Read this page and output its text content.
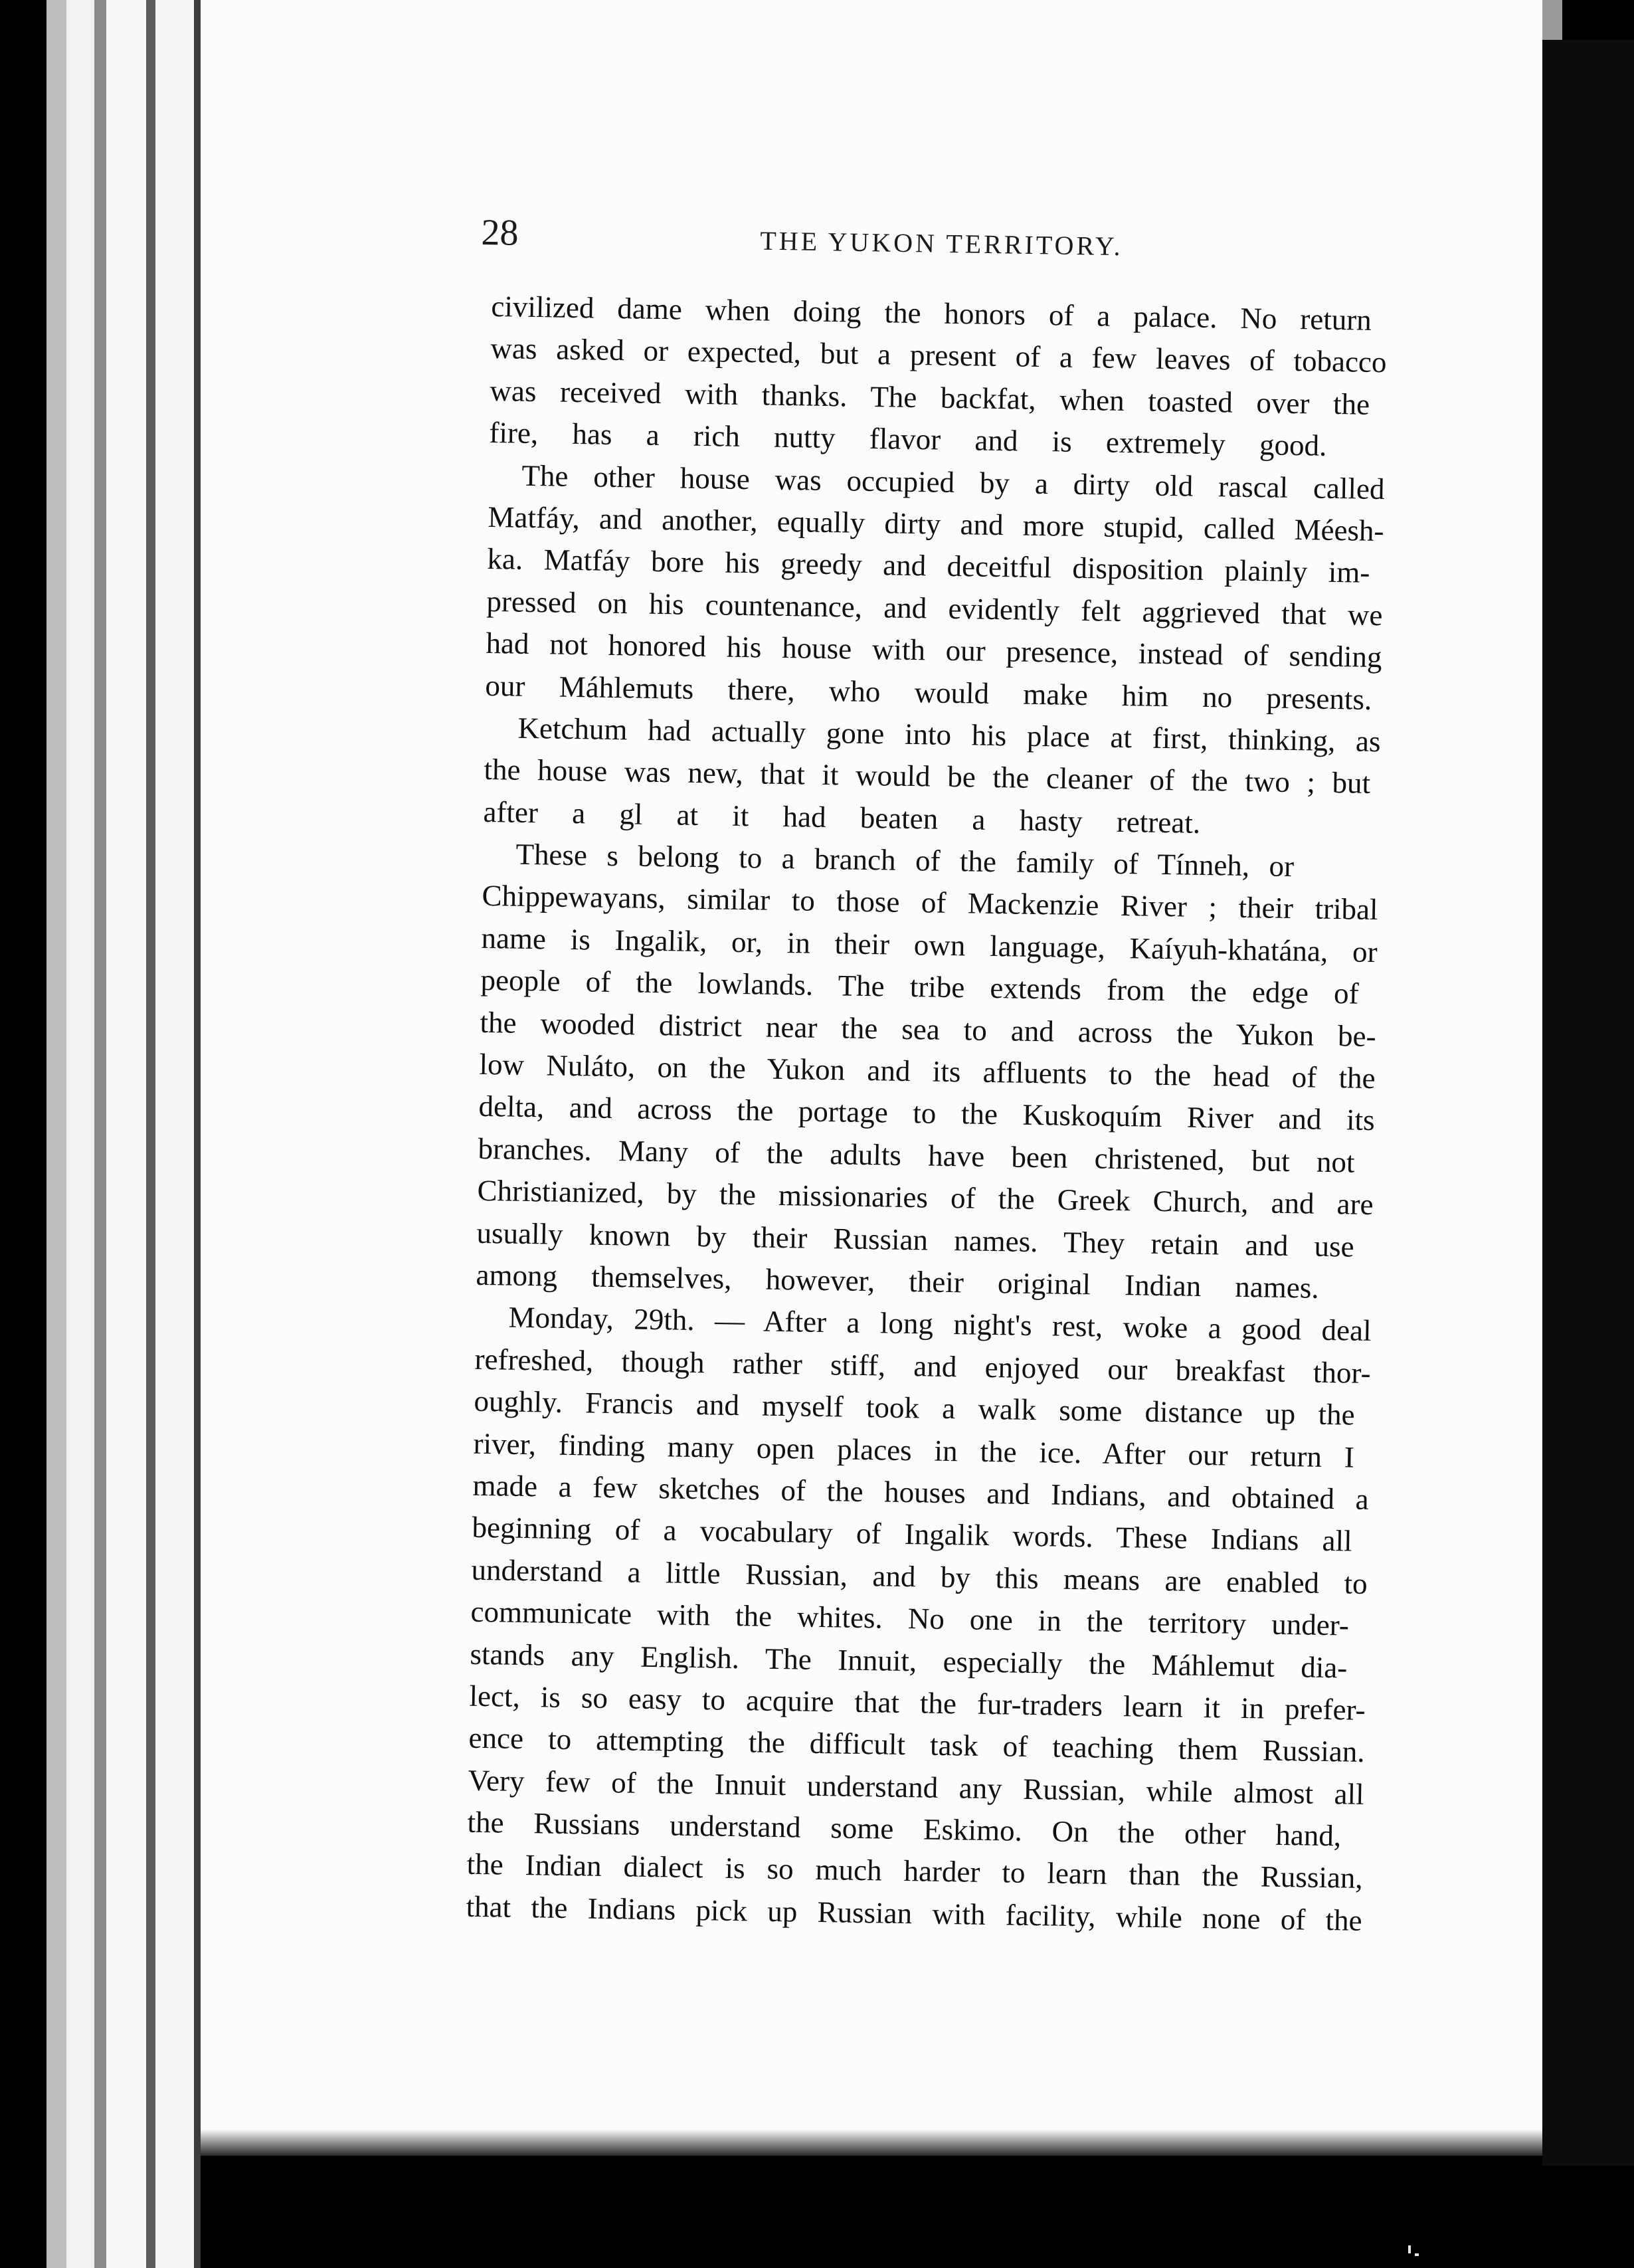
28	THE YUKON TERRITORY.
civilized dame when doing the honors of a palace. No return
was asked or expected, but a present of a few leaves of tobacco
was received with thanks. The backfat, when toasted over the
fire, has a rich nutty flavor and is extremely good.
The other house was occupied by a dirty old rascal called
Matfáy, and another, equally dirty and more stupid, called Méesh-
ka. Matfáy bore his greedy and deceitful disposition plainly im-
pressed on his countenance, and evidently felt aggrieved that we
had not honored his house with our presence, instead of sending
our Máhlemuts there, who would make him no presents.
Ketchum had actually gone into his place at first, thinking, as
the house was new, that it would be the cleaner of the two ; but
after a gl at it had beaten a hasty retreat.
These s belong to a branch of the family of Tínneh, or
Chippewayans, similar to those of Mackenzie River ; their tribal
name is Ingalik, or, in their own language, Kaíyuh-khatána, or
people of the lowlands. The tribe extends from the edge of
the wooded district near the sea to and across the Yukon be-
low Nuláto, on the Yukon and its affluents to the head of the
delta, and across the portage to the Kuskoquím River and its
branches. Many of the adults have been christened, but not
Christianized, by the missionaries of the Greek Church, and are
usually known by their Russian names. They retain and use
among themselves, however, their original Indian names.
Monday, 29th. — After a long night's rest, woke a good deal
refreshed, though rather stiff, and enjoyed our breakfast thor-
oughly. Francis and myself took a walk some distance up the
river, finding many open places in the ice. After our return I
made a few sketches of the houses and Indians, and obtained a
beginning of a vocabulary of Ingalik words. These Indians all
understand a little Russian, and by this means are enabled to
communicate with the whites. No one in the territory under-
stands any English. The Innuit, especially the Máhlemut dia-
lect, is so easy to acquire that the fur-traders learn it in prefer-
ence to attempting the difficult task of teaching them Russian.
Very few of the Innuit understand any Russian, while almost all
the Russians understand some Eskimo. On the other hand,
the Indian dialect is so much harder to learn than the Russian,
that the Indians pick up Russian with facility, while none of the
